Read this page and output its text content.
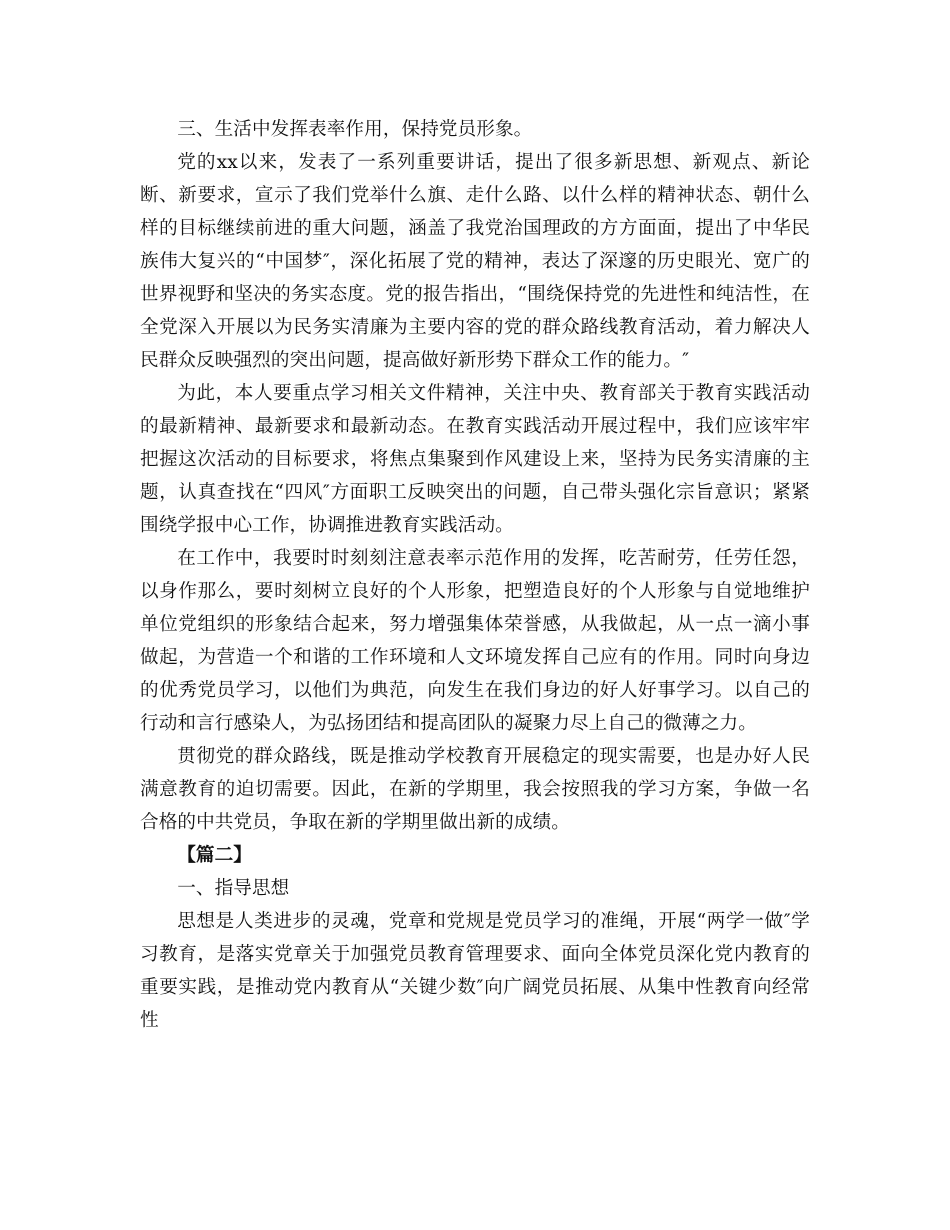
三、生活中发挥表率作用，保持党员形象。

党的xx以来，发表了一系列重要讲话，提出了很多新思想、新观点、新论断、新要求，宣示了我们党举什么旗、走什么路、以什么样的精神状态、朝什么样的目标继续前进的重大问题，涵盖了我党治国理政的方方面面，提出了中华民族伟大复兴的“中国梦″，深化拓展了党的精神，表达了深邃的历史眼光、宽广的世界视野和坚决的务实态度。党的报告指出，“围绕保持党的先进性和纯洁性，在全党深入开展以为民务实清廉为主要内容的党的群众路线教育活动，着力解决人民群众反映强烈的突出问题，提高做好新形势下群众工作的能力。″

为此，本人要重点学习相关文件精神，关注中央、教育部关于教育实践活动的最新精神、最新要求和最新动态。在教育实践活动开展过程中，我们应该牢牢把握这次活动的目标要求，将焦点集聚到作风建设上来，坚持为民务实清廉的主题，认真查找在“四风″方面职工反映突出的问题，自己带头强化宗旨意识；紧紧围绕学报中心工作，协调推进教育实践活动。

在工作中，我要时时刻刻注意表率示范作用的发挥，吃苦耐劳，任劳任怨，以身作那么，要时刻树立良好的个人形象，把塑造良好的个人形象与自觉地维护单位党组织的形象结合起来，努力增强集体荣誉感，从我做起，从一点一滴小事做起，为营造一个和谐的工作环境和人文环境发挥自己应有的作用。同时向身边的优秀党员学习，以他们为典范，向发生在我们身边的好人好事学习。以自己的行动和言行感染人，为弘扬团结和提高团队的凝聚力尽上自己的微薄之力。

贯彻党的群众路线，既是推动学校教育开展稳定的现实需要，也是办好人民满意教育的迫切需要。因此，在新的学期里，我会按照我的学习方案，争做一名合格的中共党员，争取在新的学期里做出新的成绩。

【篇二】

一、指导思想

思想是人类进步的灵魂，党章和党规是党员学习的准绳，开展“两学一做″学习教育，是落实党章关于加强党员教育管理要求、面向全体党员深化党内教育的重要实践，是推动党内教育从“关键少数″向广阔党员拓展、从集中性教育向经常性
